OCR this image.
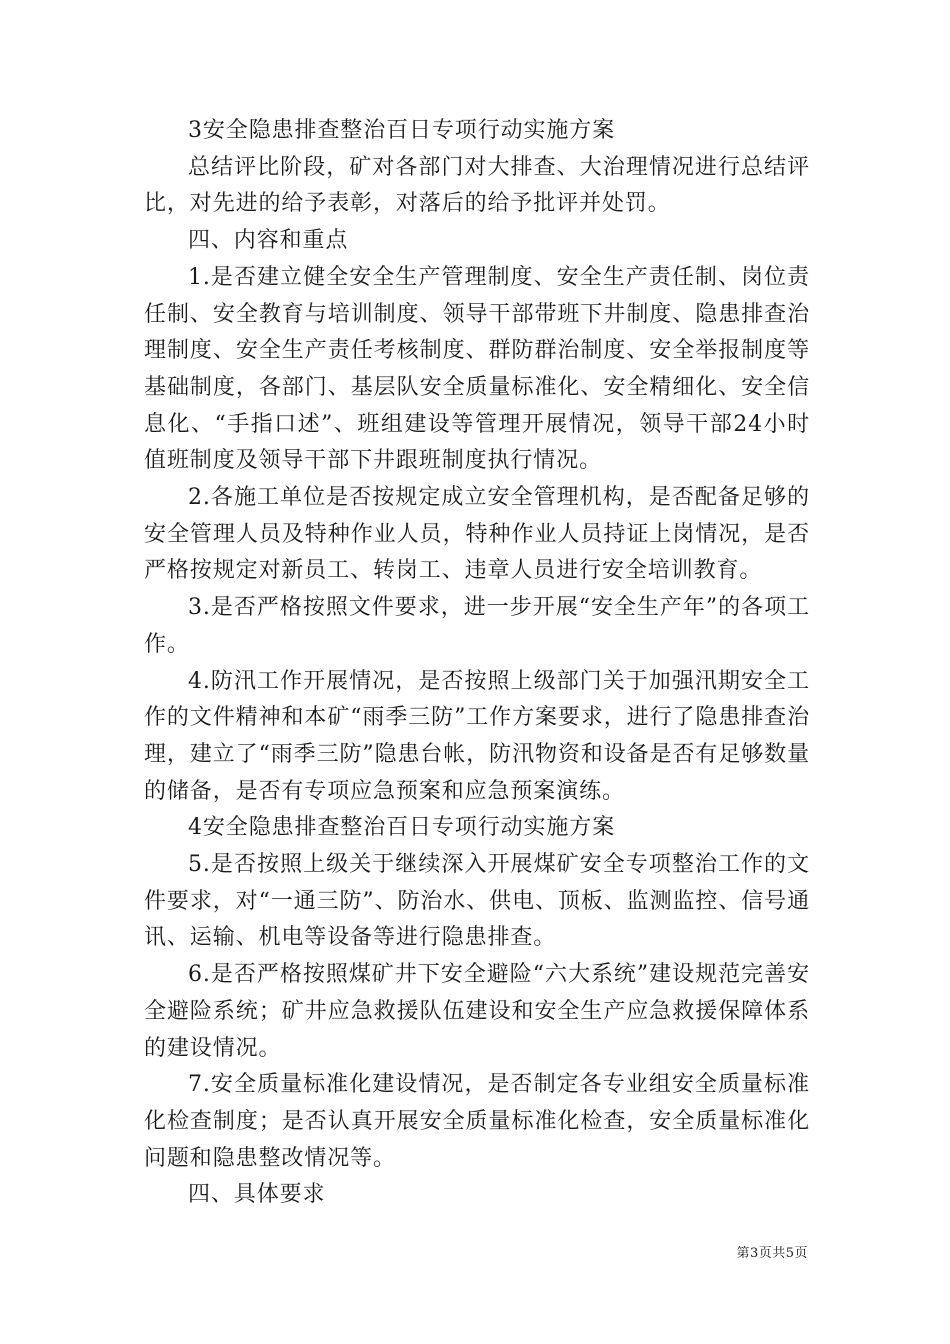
3安全隐患排查整治百日专项行动实施方案

总结评比阶段，矿对各部门对大排查、大治理情况进行总结评比，对先进的给予表彰，对落后的给予批评并处罚。

四、内容和重点

1.是否建立健全安全生产管理制度、安全生产责任制、岗位责任制、安全教育与培训制度、领导干部带班下井制度、隐患排查治理制度、安全生产责任考核制度、群防群治制度、安全举报制度等基础制度，各部门、基层队安全质量标准化、安全精细化、安全信息化、“手指口述”、班组建设等管理开展情况，领导干部24小时值班制度及领导干部下井跟班制度执行情况。

2.各施工单位是否按规定成立安全管理机构，是否配备足够的安全管理人员及特种作业人员，特种作业人员持证上岗情况，是否严格按规定对新员工、转岗工、违章人员进行安全培训教育。

3.是否严格按照文件要求，进一步开展“安全生产年”的各项工作。

4.防汛工作开展情况，是否按照上级部门关于加强汛期安全工作的文件精神和本矿“雨季三防”工作方案要求，进行了隐患排查治理，建立了“雨季三防”隐患台帐，防汛物资和设备是否有足够数量的储备，是否有专项应急预案和应急预案演练。

4安全隐患排查整治百日专项行动实施方案

5.是否按照上级关于继续深入开展煤矿安全专项整治工作的文件要求，对“一通三防”、防治水、供电、顶板、监测监控、信号通讯、运输、机电等设备等进行隐患排查。

6.是否严格按照煤矿井下安全避险“六大系统”建设规范完善安全避险系统；矿井应急救援队伍建设和安全生产应急救援保障体系的建设情况。

7.安全质量标准化建设情况，是否制定各专业组安全质量标准化检查制度；是否认真开展安全质量标准化检查，安全质量标准化问题和隐患整改情况等。

四、具体要求

第3页共5页
